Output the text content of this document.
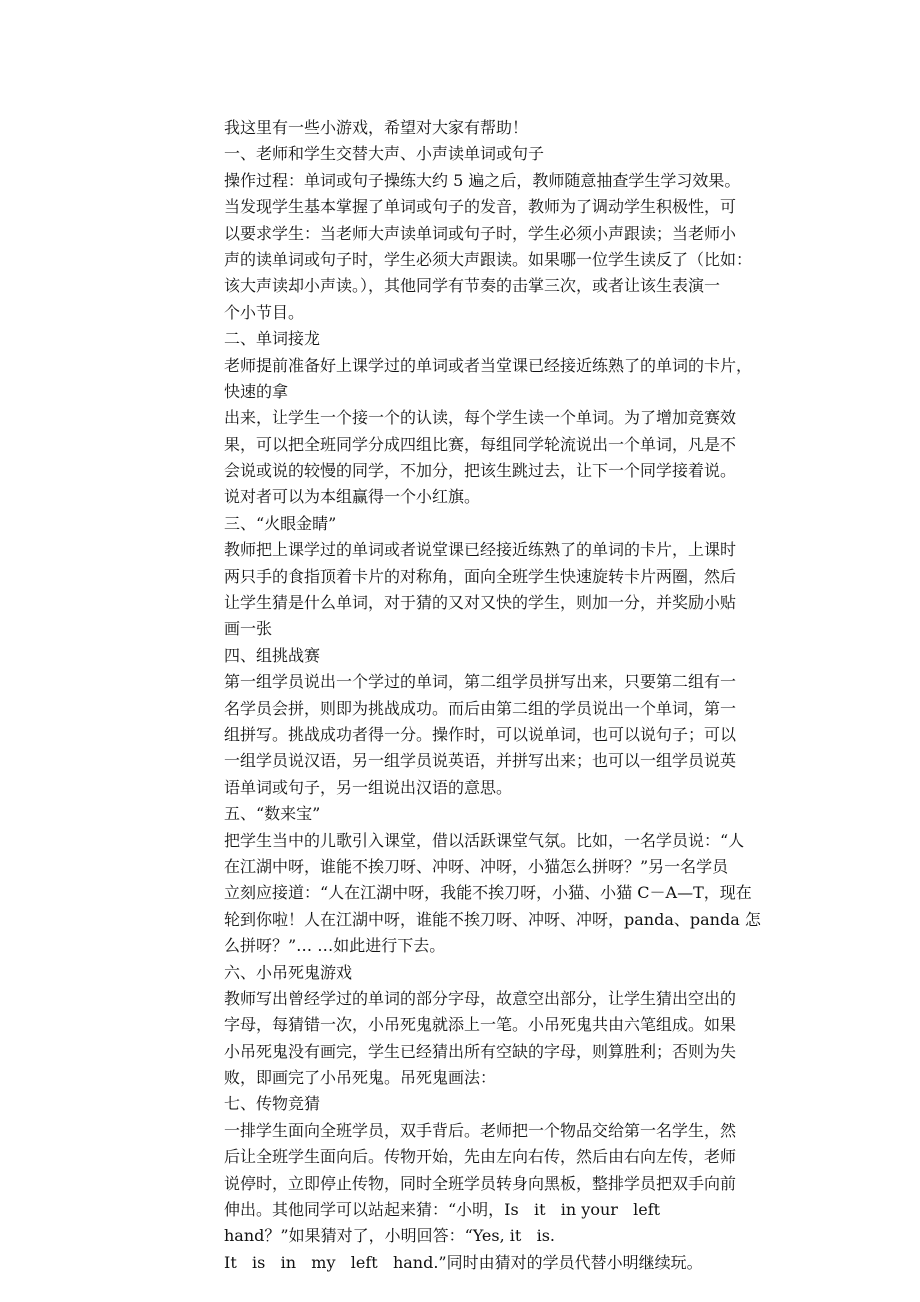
我这里有一些小游戏，希望对大家有帮助！
一、老师和学生交替大声、小声读单词或句子
操作过程：单词或句子操练大约 5 遍之后，教师随意抽查学生学习效果。
当发现学生基本掌握了单词或句子的发音，教师为了调动学生积极性，可
以要求学生：当老师大声读单词或句子时，学生必须小声跟读；当老师小
声的读单词或句子时，学生必须大声跟读。如果哪一位学生读反了（比如：
该大声读却小声读。），其他同学有节奏的击掌三次，或者让该生表演一
个小节目。
二、单词接龙
老师提前准备好上课学过的单词或者当堂课已经接近练熟了的单词的卡片，
快速的拿
出来，让学生一个接一个的认读，每个学生读一个单词。为了增加竞赛效
果，可以把全班同学分成四组比赛，每组同学轮流说出一个单词，凡是不
会说或说的较慢的同学，不加分，把该生跳过去，让下一个同学接着说。
说对者可以为本组赢得一个小红旗。
三、“火眼金睛”
教师把上课学过的单词或者说堂课已经接近练熟了的单词的卡片，上课时
两只手的食指顶着卡片的对称角，面向全班学生快速旋转卡片两圈，然后
让学生猜是什么单词，对于猜的又对又快的学生，则加一分，并奖励小贴
画一张
四、组挑战赛
第一组学员说出一个学过的单词，第二组学员拼写出来，只要第二组有一
名学员会拼，则即为挑战成功。而后由第二组的学员说出一个单词，第一
组拼写。挑战成功者得一分。操作时，可以说单词，也可以说句子；可以
一组学员说汉语，另一组学员说英语，并拼写出来；也可以一组学员说英
语单词或句子，另一组说出汉语的意思。
五、“数来宝”
把学生当中的儿歌引入课堂，借以活跃课堂气氛。比如，一名学员说：“人
在江湖中呀，谁能不挨刀呀、冲呀、冲呀，小猫怎么拼呀？”另一名学员
立刻应接道：“人在江湖中呀，我能不挨刀呀，小猫、小猫 C－A—T，现在
轮到你啦！人在江湖中呀，谁能不挨刀呀、冲呀、冲呀，panda、panda 怎
么拼呀？”… …如此进行下去。
六、小吊死鬼游戏
教师写出曾经学过的单词的部分字母，故意空出部分，让学生猜出空出的
字母，每猜错一次，小吊死鬼就添上一笔。小吊死鬼共由六笔组成。如果
小吊死鬼没有画完，学生已经猜出所有空缺的字母，则算胜利；否则为失
败，即画完了小吊死鬼。吊死鬼画法：
七、传物竞猜
一排学生面向全班学员，双手背后。老师把一个物品交给第一名学生，然
后让全班学生面向后。传物开始，先由左向右传，然后由右向左传，老师
说停时，立即停止传物，同时全班学员转身向黑板，整排学员把双手向前
伸出。其他同学可以站起来猜：“小明，Is   it   in your   left
hand？”如果猜对了，小明回答：“Yes, it   is.
It   is   in   my   left   hand.”同时由猜对的学员代替小明继续玩。
